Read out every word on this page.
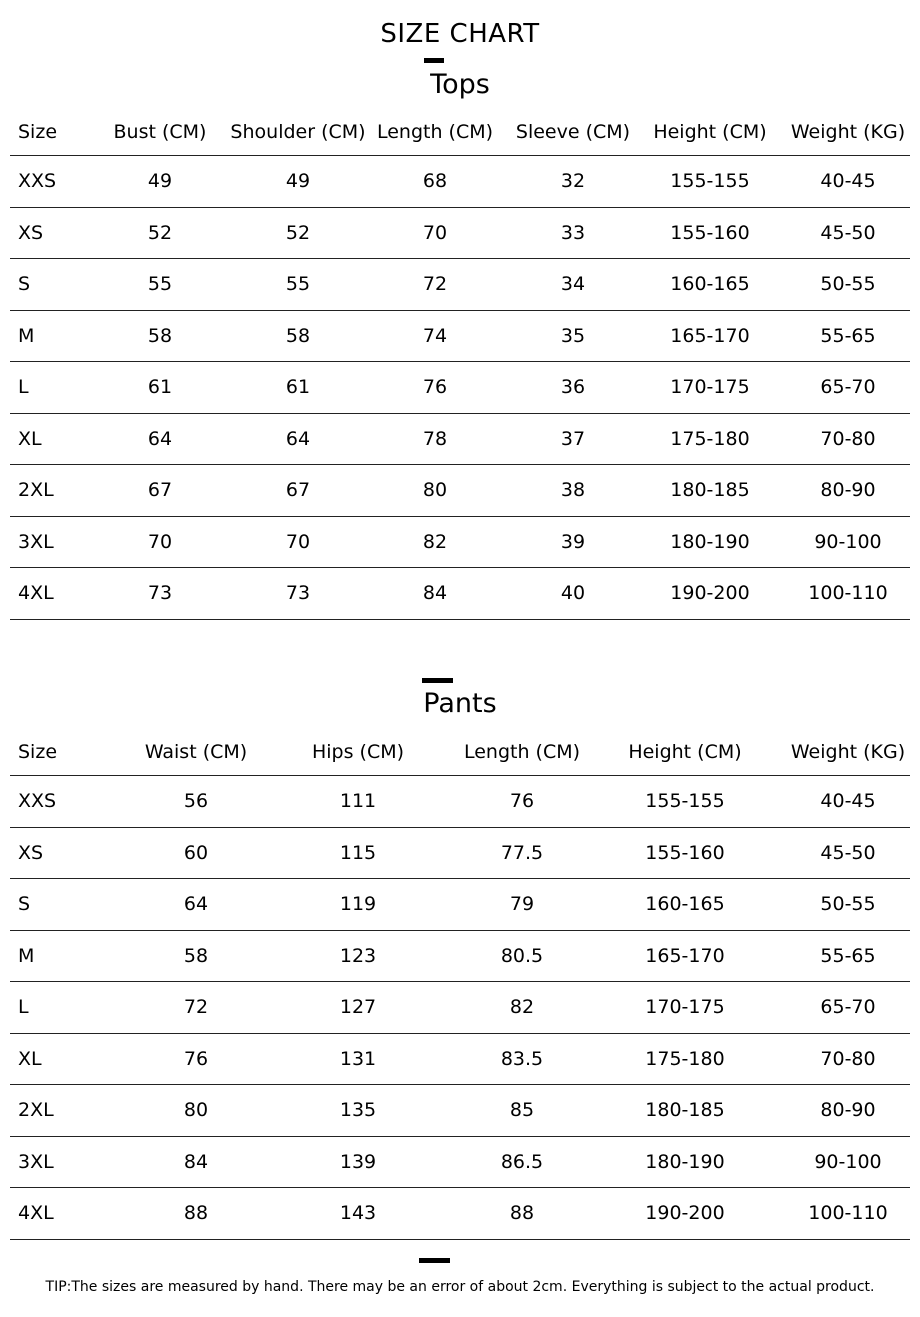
SIZE CHART
Tops
Size	Bust (CM)	Shoulder (CM) Length (CM)	Sleeve (CM)	Height (CM)	Weight (KG)
XXS	49	49	68	32	155-155	40-45
XS	52	52	70	33	155-160	45-50
S	55	55	72	34	160-165	50-55
M	58	58	74	35	165-170	55-65
L	61	61	76	36	170-175	65-70
XL	64	64	78	37	175-180	70-80
2XL	67	67	80	38	180-185	80-90
3XL	70	70	82	39	180-190	90-100
4XL	73	73	84	40	190-200	100-110
Pants
Size	Waist (CM)	Hips (CM)	Length (CM)	Height (CM)	Weight (KG)
XXS	56	111	76	155-155	40-45
XS	60	115	77.5	155-160	45-50
S	64	119	79	160-165	50-55
M	58	123	80.5	165-170	55-65
L	72	127	82	170-175	65-70
XL	76	131	83.5	175-180	70-80
2XL	80	135	85	180-185	80-90
3XL	84	139	86.5	180-190	90-100
4XL	88	143	88	190-200	100-110
TIP:The sizes are measured by hand. There may be an error of about 2cm. Everything is subject to the actual product.
